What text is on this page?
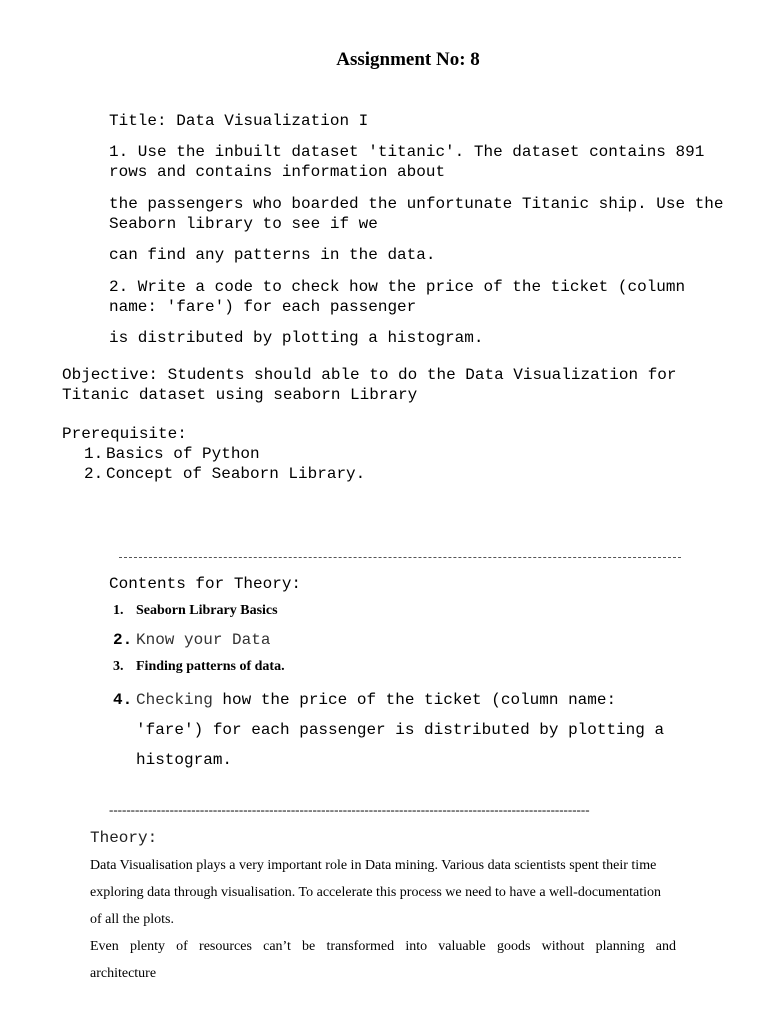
Assignment No: 8
Title: Data Visualization I
1. Use the inbuilt dataset 'titanic'. The dataset contains 891 rows and contains information about
the passengers who boarded the unfortunate Titanic ship. Use the Seaborn library to see if we
can find any patterns in the data.
2. Write a code to check how the price of the ticket (column name: 'fare') for each passenger
is distributed by plotting a histogram.
Objective: Students should able to do the Data Visualization for Titanic dataset using seaborn Library
Prerequisite:
1. Basics of Python
2. Concept of Seaborn Library.
Contents for Theory:
1. Seaborn Library Basics
2. Know your Data
3. Finding patterns of data.
4. Checking how the price of the ticket (column name: 'fare') for each passenger is distributed by plotting a histogram.
---------------------------------------------------------------------------------------------------------------
Theory:
Data Visualisation plays a very important role in Data mining. Various data scientists spent their time exploring data through visualisation. To accelerate this process we need to have a well-documentation of all the plots.
Even plenty of resources can’t be transformed into valuable goods without planning and
architecture
